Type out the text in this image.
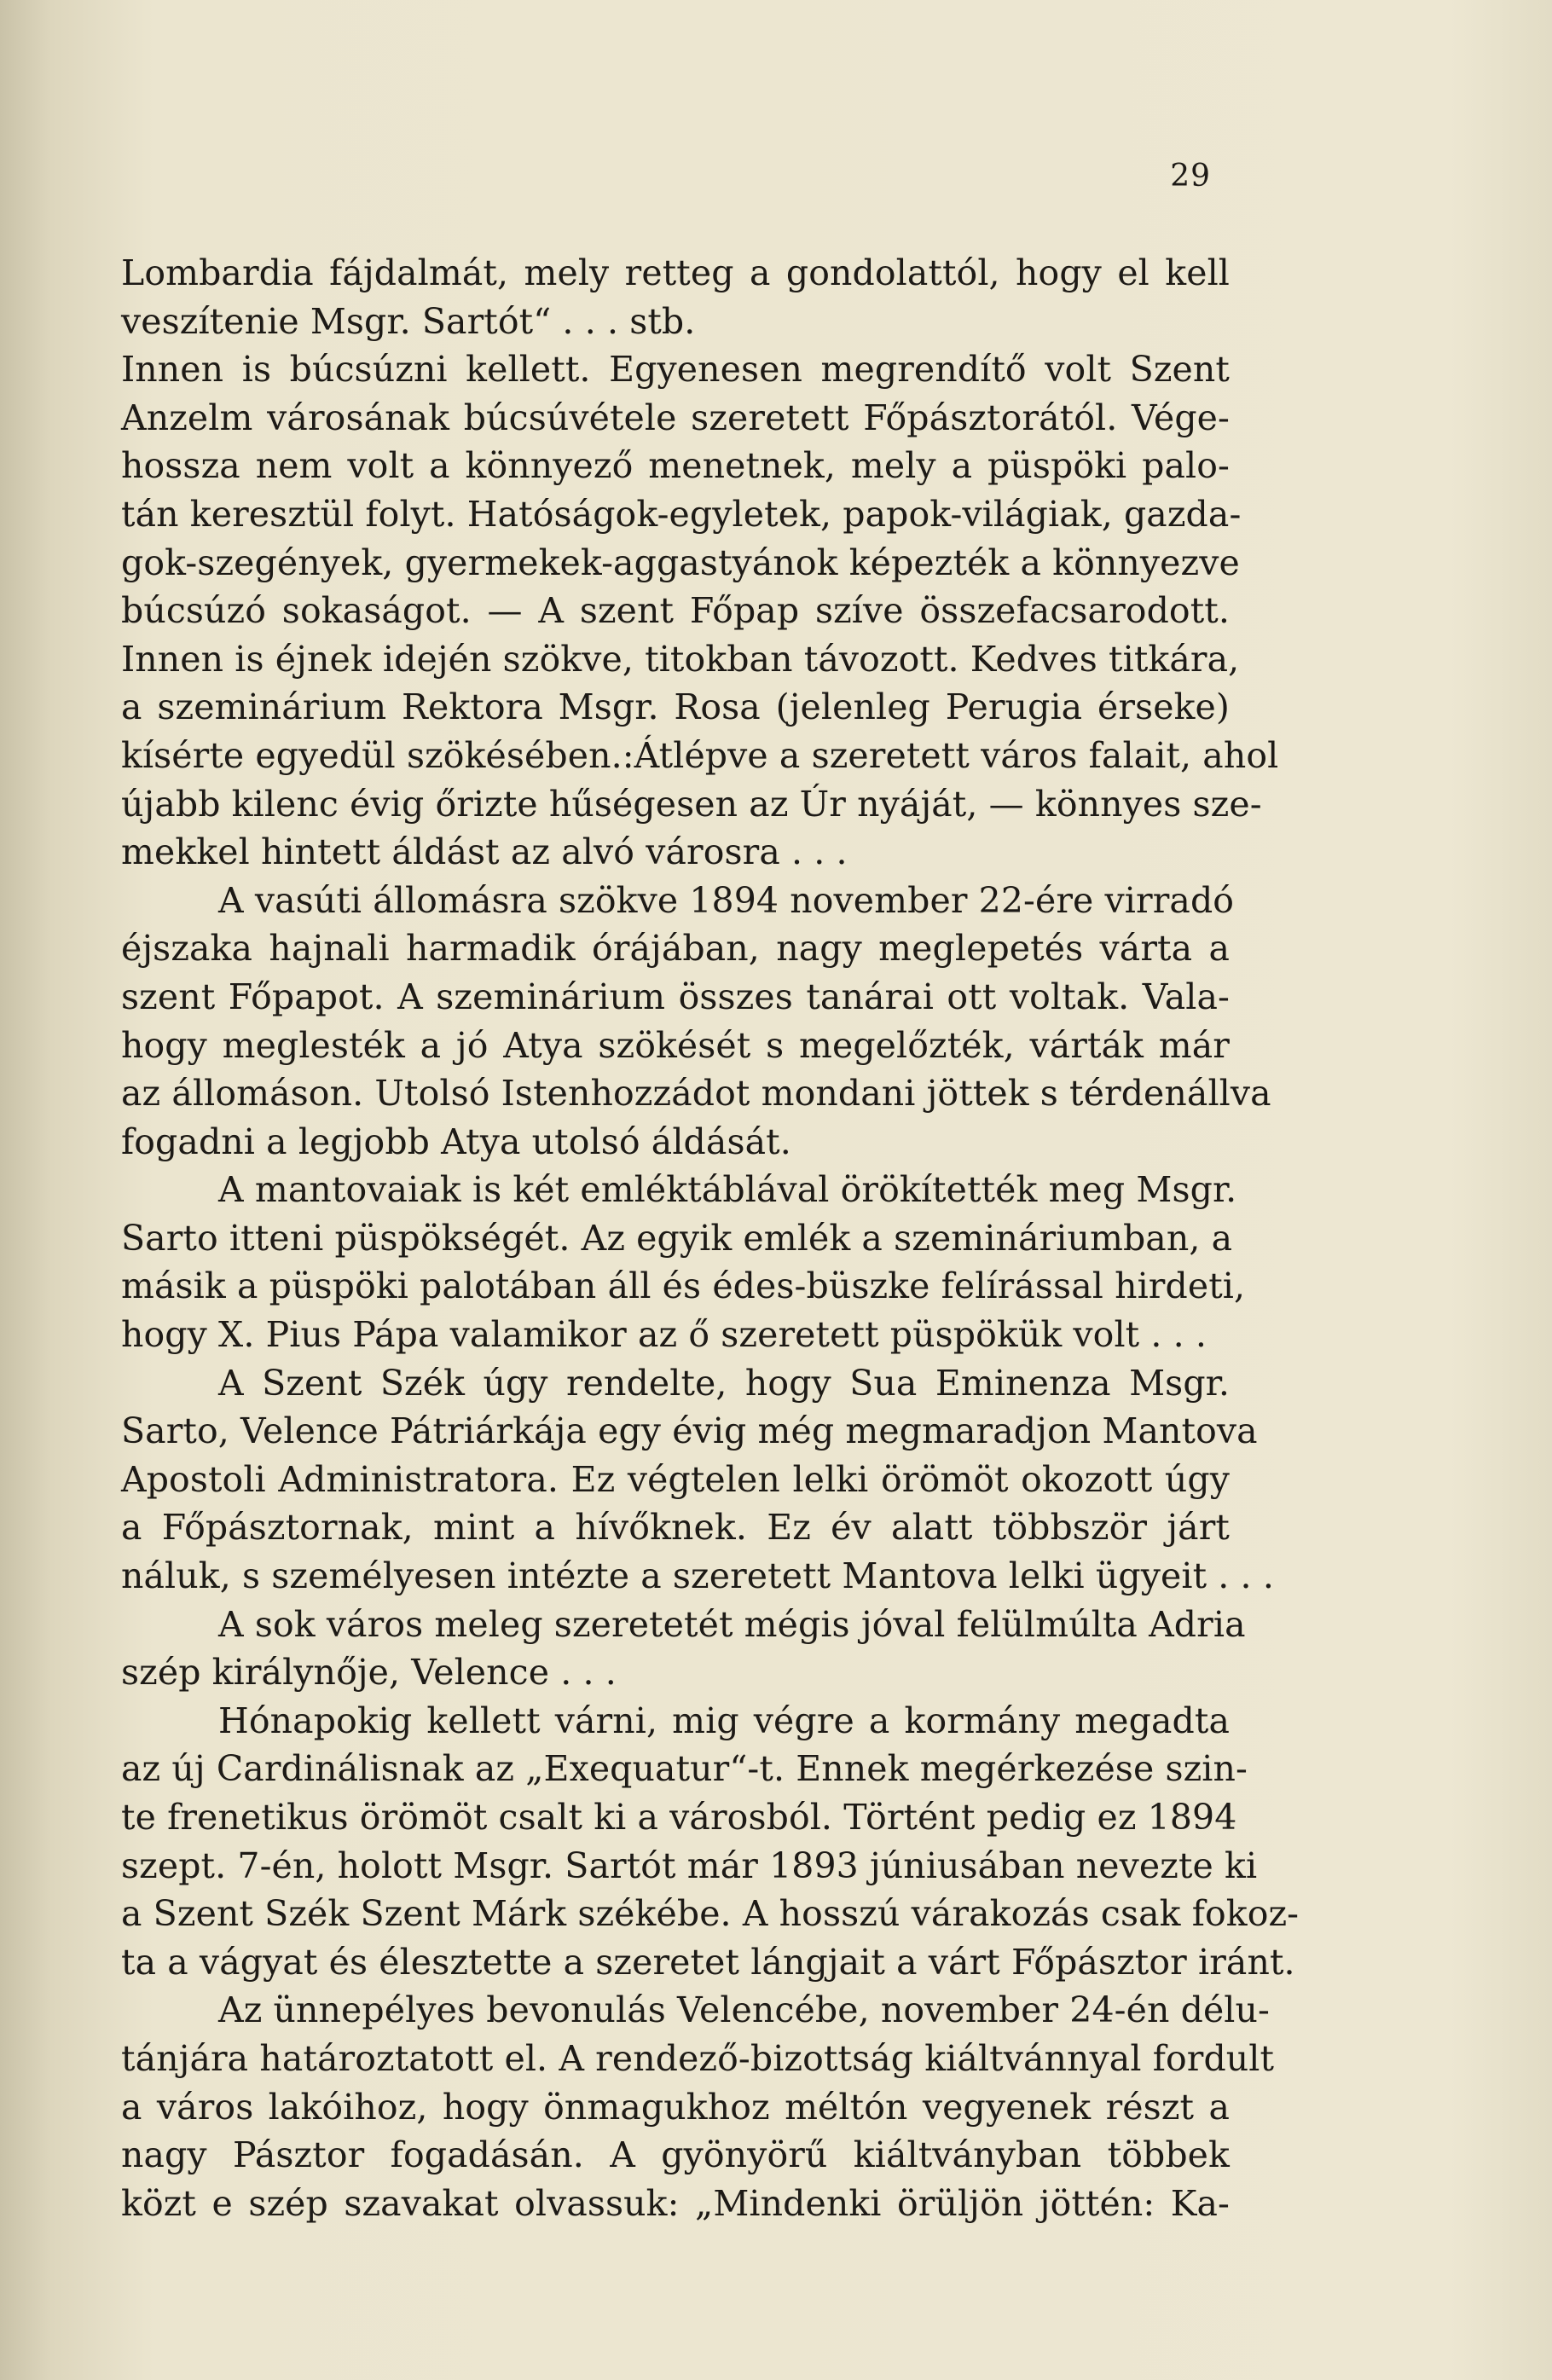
29
Lombardia fájdalmát, mely retteg a gondolattól, hogy el kell
veszítenie Msgr. Sartót“ . . . stb.
Innen is búcsúzni kellett. Egyenesen megrendítő volt Szent
Anzelm városának búcsúvétele szeretett Főpásztorától. Vége-
hossza nem volt a könnyező menetnek, mely a püspöki palo-
tán keresztül folyt. Hatóságok-egyletek, papok-világiak, gazda-
gok-szegények, gyermekek-aggastyánok képezték a könnyezve
búcsúzó sokaságot. — A szent Főpap szíve összefacsarodott.
Innen is éjnek idején szökve, titokban távozott. Kedves titkára,
a szeminárium Rektora Msgr. Rosa (jelenleg Perugia érseke)
kísérte egyedül szökésében.:Átlépve a szeretett város falait, ahol
újabb kilenc évig őrizte hűségesen az Úr nyáját, — könnyes sze-
mekkel hintett áldást az alvó városra . . .
A vasúti állomásra szökve 1894 november 22-ére virradó
éjszaka hajnali harmadik órájában, nagy meglepetés várta a
szent Főpapot. A szeminárium összes tanárai ott voltak. Vala-
hogy meglesték a jó Atya szökését s megelőzték, várták már
az állomáson. Utolsó Istenhozzádot mondani jöttek s térdenállva
fogadni a legjobb Atya utolsó áldását.
A mantovaiak is két emléktáblával örökítették meg Msgr.
Sarto itteni püspökségét. Az egyik emlék a szemináriumban, a
másik a püspöki palotában áll és édes-büszke felírással hirdeti,
hogy X. Pius Pápa valamikor az ő szeretett püspökük volt . . .
A Szent Szék úgy rendelte, hogy Sua Eminenza Msgr.
Sarto, Velence Pátriárkája egy évig még megmaradjon Mantova
Apostoli Administratora. Ez végtelen lelki örömöt okozott úgy
a Főpásztornak, mint a hívőknek. Ez év alatt többször járt
náluk, s személyesen intézte a szeretett Mantova lelki ügyeit . . .
A sok város meleg szeretetét mégis jóval felülmúlta Adria
szép királynője, Velence . . .
Hónapokig kellett várni, mig végre a kormány megadta
az új Cardinálisnak az „Exequatur“-t. Ennek megérkezése szin-
te frenetikus örömöt csalt ki a városból. Történt pedig ez 1894
szept. 7-én, holott Msgr. Sartót már 1893 júniusában nevezte ki
a Szent Szék Szent Márk székébe. A hosszú várakozás csak fokoz-
ta a vágyat és élesztette a szeretet lángjait a várt Főpásztor iránt.
Az ünnepélyes bevonulás Velencébe, november 24-én délu-
tánjára határoztatott el. A rendező-bizottság kiáltvánnyal fordult
a város lakóihoz, hogy önmagukhoz méltón vegyenek részt a
nagy Pásztor fogadásán. A gyönyörű kiáltványban többek
közt e szép szavakat olvassuk: „Mindenki örüljön jöttén: Ka-
